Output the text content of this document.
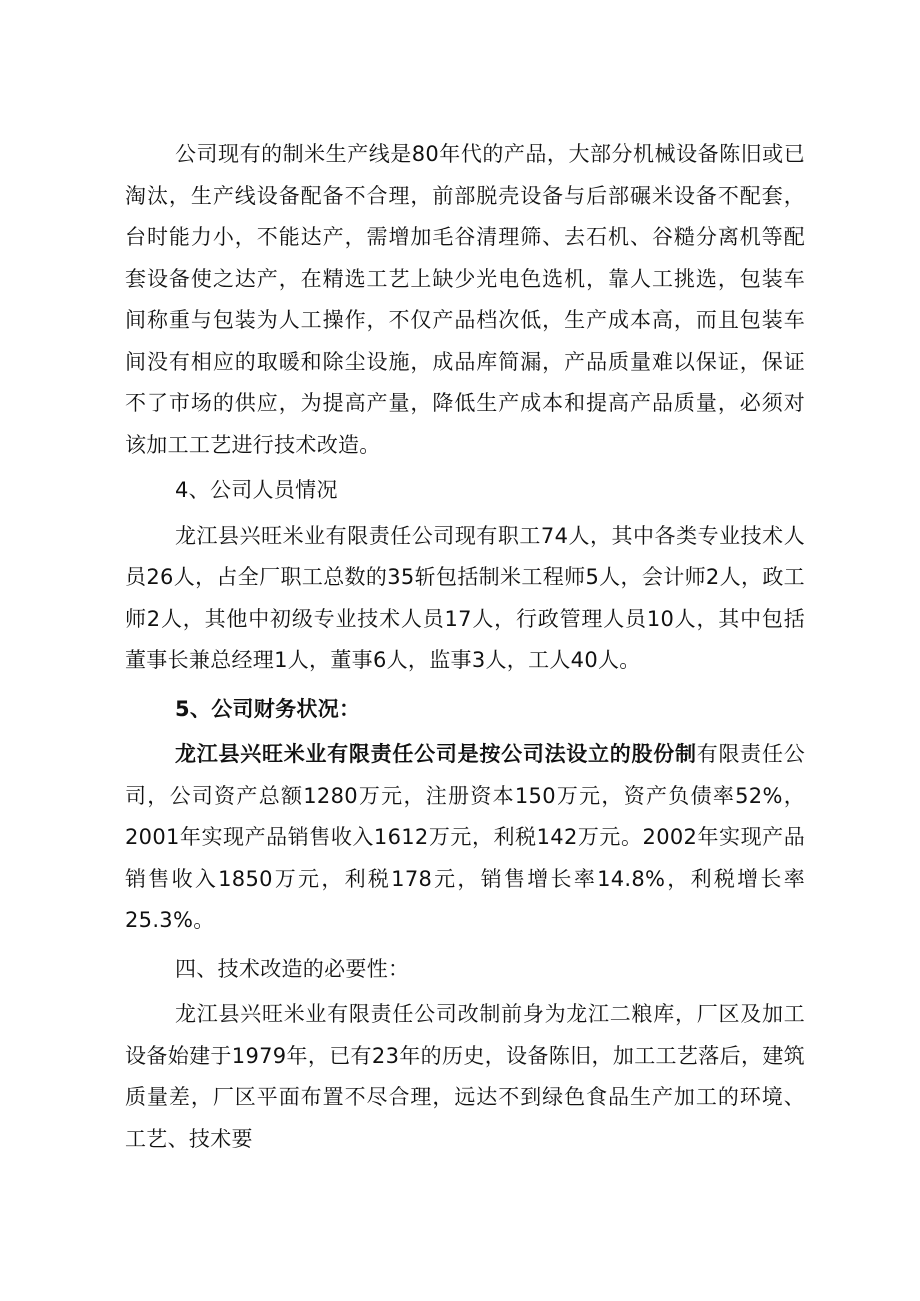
公司现有的制米生产线是80年代的产品，大部分机械设备陈旧或已淘汰，生产线设备配备不合理，前部脱壳设备与后部碾米设备不配套，台时能力小，不能达产，需增加毛谷清理筛、去石机、谷糙分离机等配套设备使之达产，在精选工艺上缺少光电色选机，靠人工挑选，包装车间称重与包装为人工操作，不仅产品档次低，生产成本高，而且包装车间没有相应的取暖和除尘设施，成品库简漏，产品质量难以保证，保证不了市场的供应，为提高产量，降低生产成本和提高产品质量，必须对该加工工艺进行技术改造。

4、公司人员情况

龙江县兴旺米业有限责任公司现有职工74人，其中各类专业技术人员26人，占全厂职工总数的35斩包括制米工程师5人，会计师2人，政工师2人，其他中初级专业技术人员17人，行政管理人员10人，其中包括董事长兼总经理1人，董事6人，监事3人，工人40人。

5、公司财务状况：

龙江县兴旺米业有限责任公司是按公司法设立的股份制有限责任公司，公司资产总额1280万元，注册资本150万元，资产负债率52%，2001年实现产品销售收入1612万元，利税142万元。2002年实现产品销售收入1850万元，利税178元，销售增长率14.8%，利税增长率25.3%。

四、技术改造的必要性：

龙江县兴旺米业有限责任公司改制前身为龙江二粮库，厂区及加工设备始建于1979年，已有23年的历史，设备陈旧，加工工艺落后，建筑质量差，厂区平面布置不尽合理，远达不到绿色食品生产加工的环境、工艺、技术要
